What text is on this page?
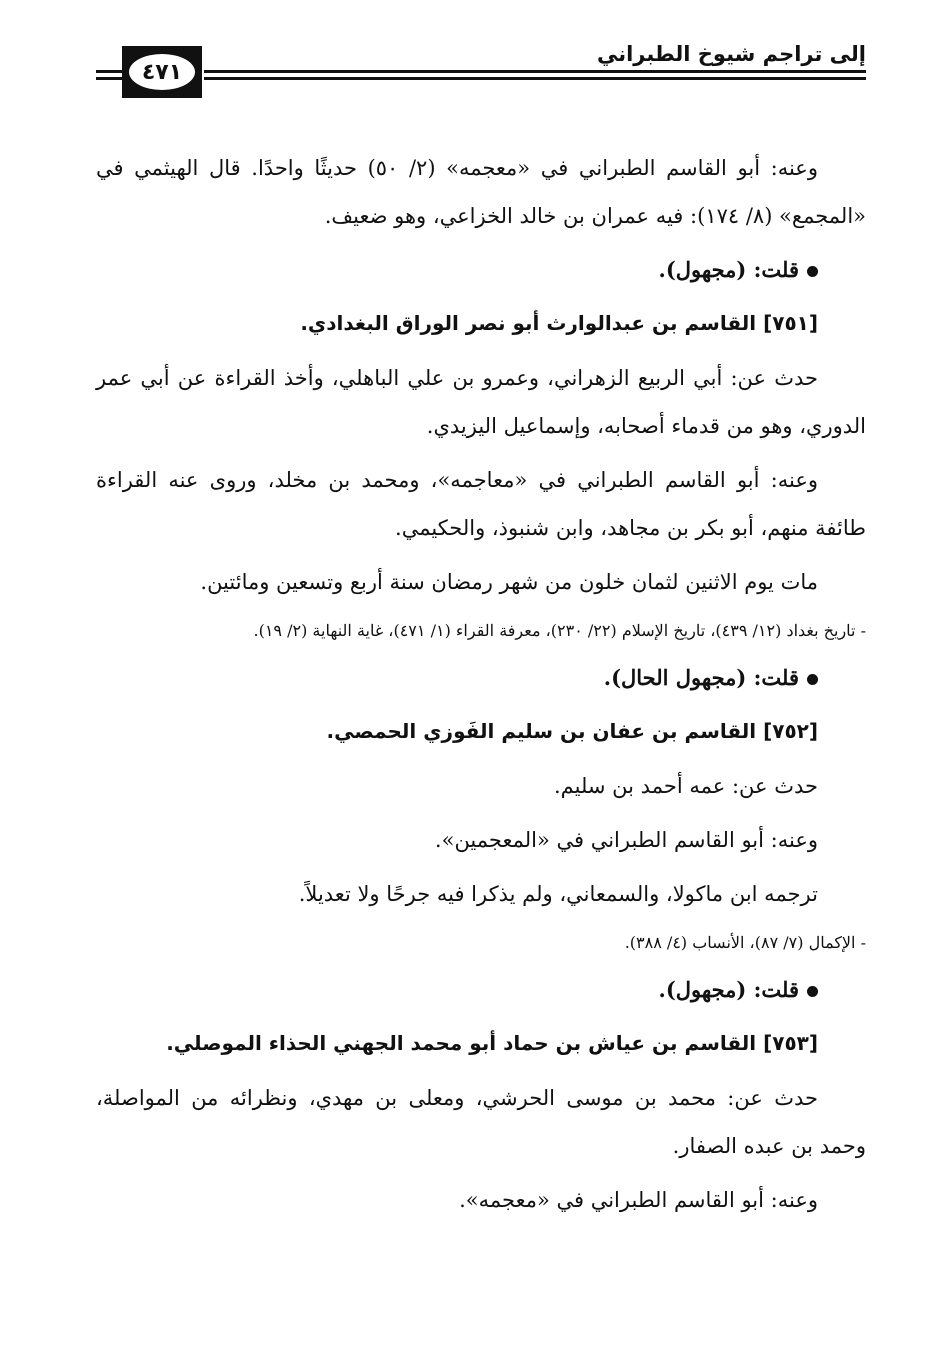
إلى تراجم شيوخ الطبراني
٤٧١

وعنه: أبو القاسم الطبراني في «معجمه» (٢/ ٥٠) حديثًا واحدًا. قال الهيثمي في «المجمع» (٨/ ١٧٤): فيه عمران بن خالد الخزاعي، وهو ضعيف.

قلت: (مجهول).

[٧٥١] القاسم بن عبدالوارث أبو نصر الوراق البغدادي.

حدث عن: أبي الربيع الزهراني، وعمرو بن علي الباهلي، وأخذ القراءة عن أبي عمر الدوري، وهو من قدماء أصحابه، وإسماعيل اليزيدي.

وعنه: أبو القاسم الطبراني في «معاجمه»، ومحمد بن مخلد، وروى عنه القراءة طائفة منهم، أبو بكر بن مجاهد، وابن شنبوذ، والحكيمي.

مات يوم الاثنين لثمان خلون من شهر رمضان سنة أربع وتسعين ومائتين.

- تاريخ بغداد (١٢/ ٤٣٩)، تاريخ الإسلام (٢٢/ ٢٣٠)، معرفة القراء (١/ ٤٧١)، غاية النهاية (٢/ ١٩).

قلت: (مجهول الحال).

[٧٥٢] القاسم بن عفان بن سليم الفَوزي الحمصي.

حدث عن: عمه أحمد بن سليم.

وعنه: أبو القاسم الطبراني في «المعجمين».

ترجمه ابن ماكولا، والسمعاني، ولم يذكرا فيه جرحًا ولا تعديلاً.

- الإكمال (٧/ ٨٧)، الأنساب (٤/ ٣٨٨).

قلت: (مجهول).

[٧٥٣] القاسم بن عياش بن حماد أبو محمد الجهني الحذاء الموصلي.

حدث عن: محمد بن موسى الحرشي، ومعلى بن مهدي، ونظرائه من المواصلة، وحمد بن عبده الصفار.

وعنه: أبو القاسم الطبراني في «معجمه».
